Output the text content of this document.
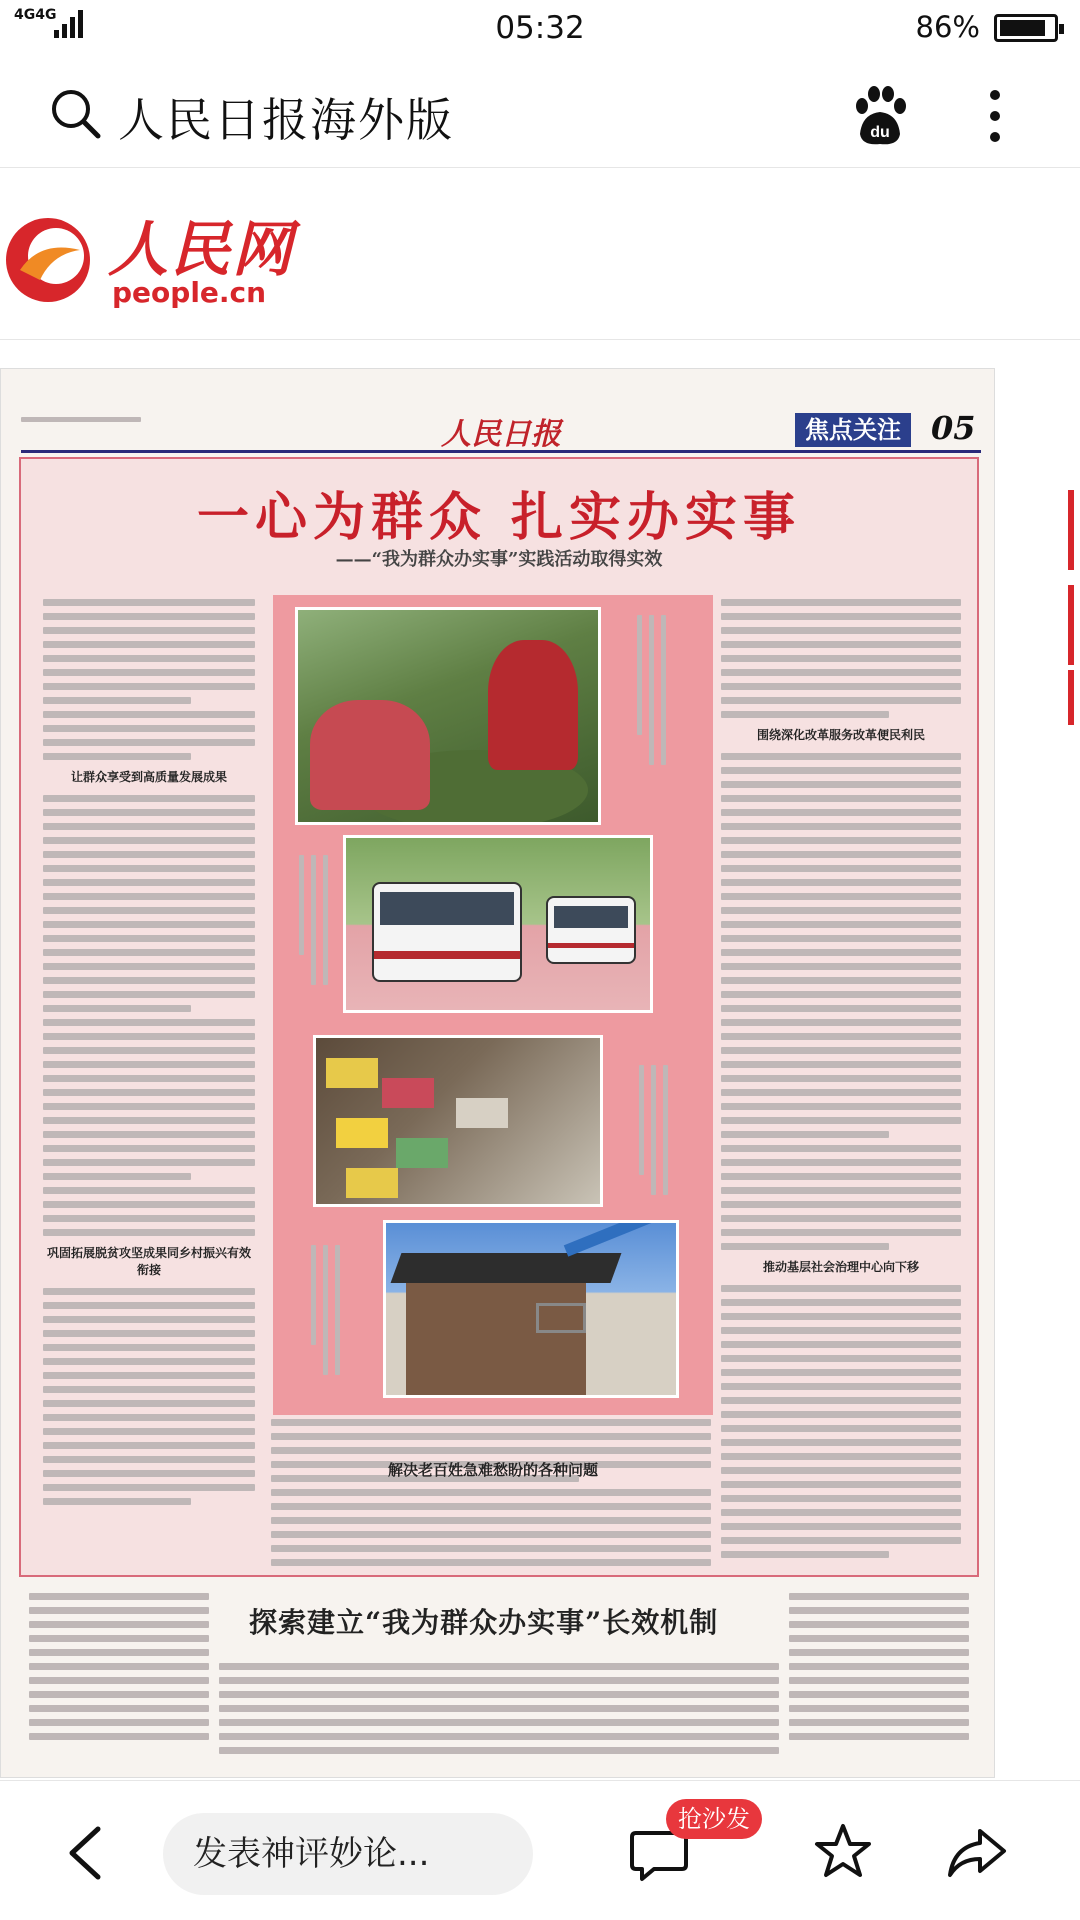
4G4G	05:32	86%
人民日报海外版	du
人民网
people.cn
人民日报	焦点关注 05
一心为群众 扎实办实事
——“我为群众办实事”实践活动取得实效
让群众享受到高质量发展成果
巩固拓展脱贫攻坚成果同乡村振兴有效衔接

围绕深化改革服务改革便民利民
推动基层社会治理中心向下移
解决老百姓急难愁盼的各种问题
探索建立“我为群众办实事”长效机制
发表神评妙论...
抢沙发
